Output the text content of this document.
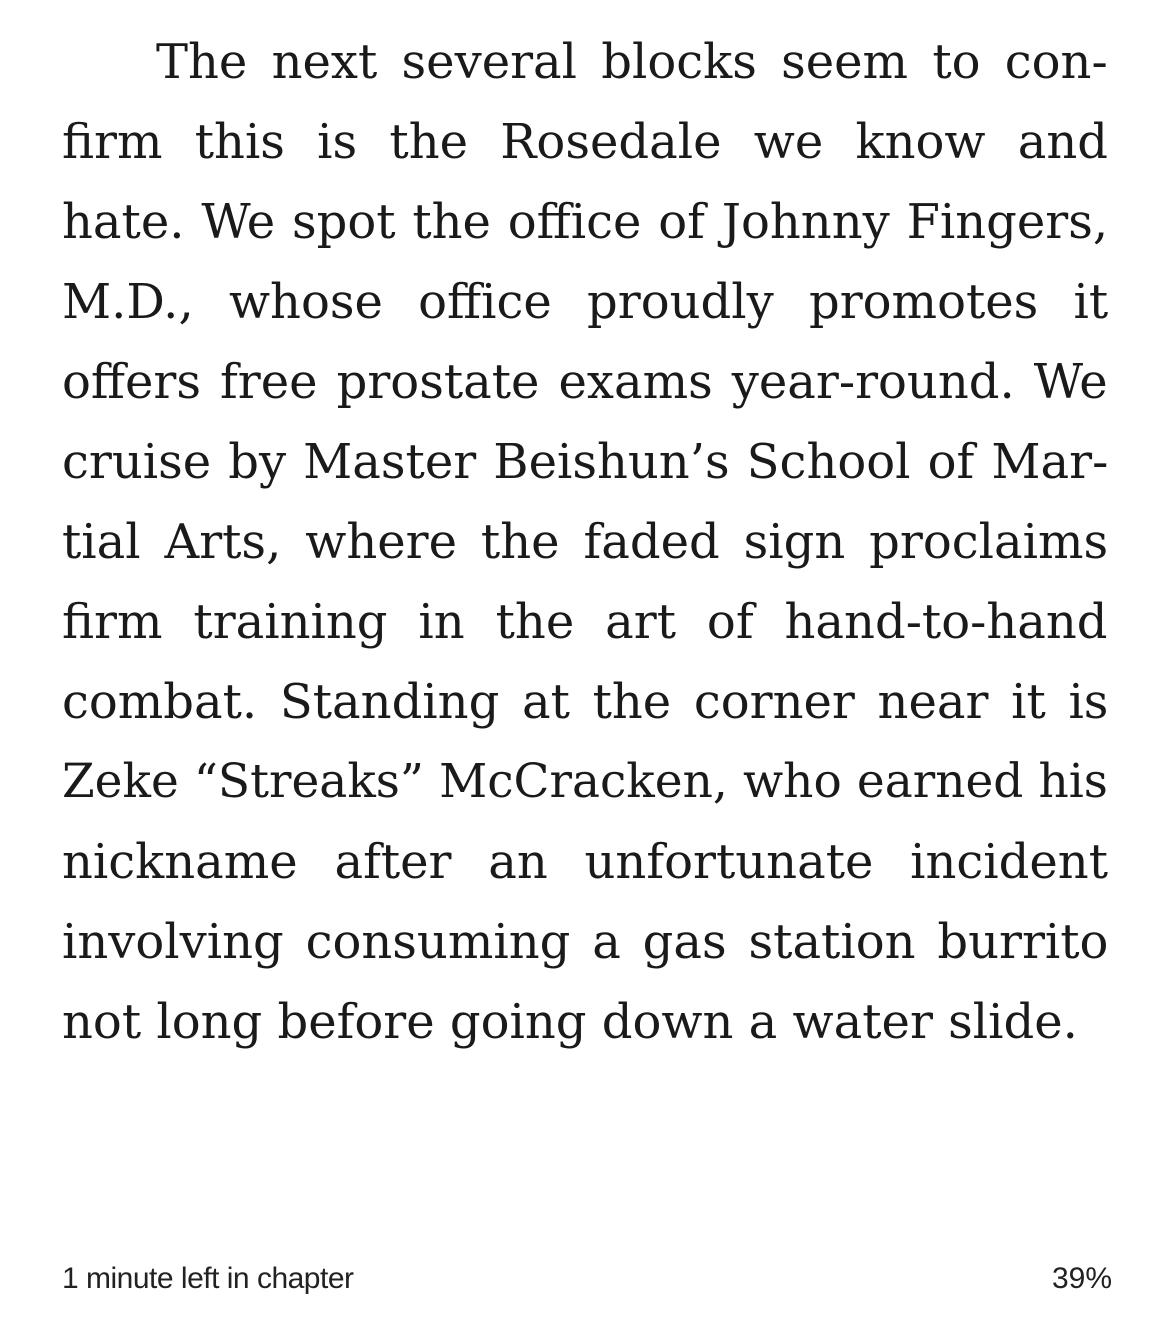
The next several blocks seem to con-
firm this is the Rosedale we know and
hate. We spot the office of Johnny Fingers,
M.D., whose office proudly promotes it
offers free prostate exams year-round. We
cruise by Master Beishun’s School of Mar-
tial Arts, where the faded sign proclaims
firm training in the art of hand-to-hand
combat. Standing at the corner near it is
Zeke “Streaks” McCracken, who earned his
nickname after an unfortunate incident
involving consuming a gas station burrito
not long before going down a water slide.
1 minute left in chapter	39%
